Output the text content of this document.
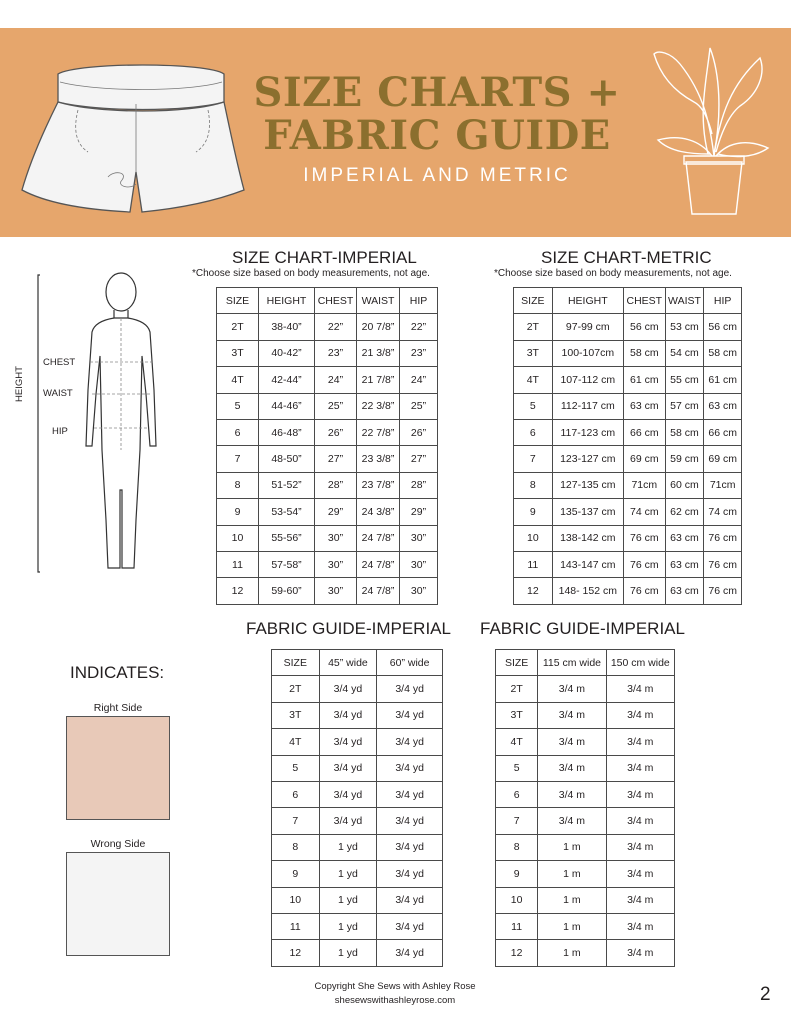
SIZE CHARTS +
FABRIC GUIDE
IMPERIAL AND METRIC
HEIGHT
CHEST
WAIST
HIP
SIZE CHART-IMPERIAL
*Choose size based on body measurements, not age.
SIZE	HEIGHT	CHEST	WAIST	HIP
2T	38-40”	22”	20 7/8”	22”
3T	40-42”	23”	21 3/8”	23”
4T	42-44”	24”	21 7/8”	24”
5	44-46”	25”	22 3/8”	25”
6	46-48”	26”	22 7/8”	26”
7	48-50”	27”	23 3/8”	27”
8	51-52”	28”	23 7/8”	28”
9	53-54”	29”	24 3/8”	29”
10	55-56”	30”	24 7/8”	30”
11	57-58”	30”	24 7/8”	30”
12	59-60”	30”	24 7/8”	30”
SIZE CHART-METRIC
*Choose size based on body measurements, not age.
SIZE	HEIGHT	CHEST	WAIST	HIP
2T	97-99 cm	56 cm	53 cm	56 cm
3T	100-107cm	58 cm	54 cm	58 cm
4T	107-112 cm	61 cm	55 cm	61 cm
5	112-117 cm	63 cm	57 cm	63 cm
6	117-123 cm	66 cm	58 cm	66 cm
7	123-127 cm	69 cm	59 cm	69 cm
8	127-135 cm	71cm	60 cm	71cm
9	135-137 cm	74 cm	62 cm	74 cm
10	138-142 cm	76 cm	63 cm	76 cm
11	143-147 cm	76 cm	63 cm	76 cm
12	148- 152 cm	76 cm	63 cm	76 cm
FABRIC GUIDE-IMPERIAL
SIZE	45” wide	60” wide
2T	3/4 yd	3/4 yd
3T	3/4 yd	3/4 yd
4T	3/4 yd	3/4 yd
5	3/4 yd	3/4 yd
6	3/4 yd	3/4 yd
7	3/4 yd	3/4 yd
8	1 yd	3/4 yd
9	1 yd	3/4 yd
10	1 yd	3/4 yd
11	1 yd	3/4 yd
12	1 yd	3/4 yd
FABRIC GUIDE-IMPERIAL
SIZE	115 cm wide	150 cm wide
2T	3/4 m	3/4 m
3T	3/4 m	3/4 m
4T	3/4 m	3/4 m
5	3/4 m	3/4 m
6	3/4 m	3/4 m
7	3/4 m	3/4 m
8	1 m	3/4 m
9	1 m	3/4 m
10	1 m	3/4 m
11	1 m	3/4 m
12	1 m	3/4 m
INDICATES:
Right Side
Wrong Side
Copyright She Sews with Ashley Rose
shesewswithashleyrose.com	2
